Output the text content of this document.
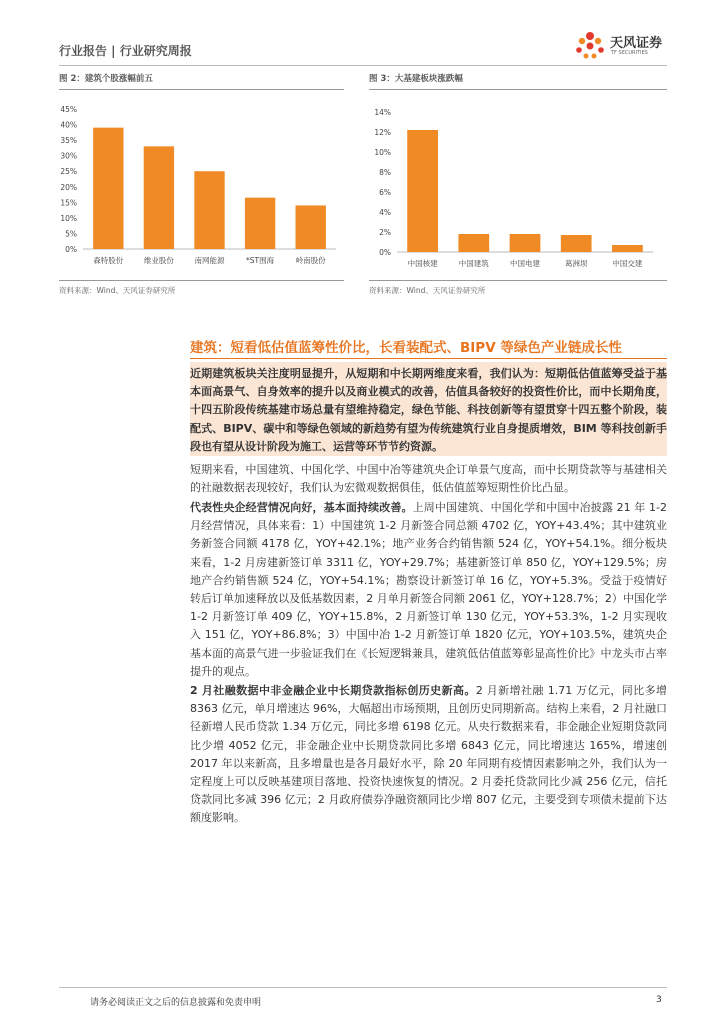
行业报告 | 行业研究周报	天风证券
TF SECURITIES
图 2：建筑个股涨幅前五
0%
5%
10%
15%
20%
25%
30%
35%
40%
45%
森特股份	维业股份	南网能源	*ST围海	岭南股份
资料来源：Wind、天风证券研究所
图 3：大基建板块涨跌幅
0%
2%
4%
6%
8%
10%
12%
14%
中国核建	中国建筑	中国电建	葛洲坝	中国交建
资料来源：Wind、天风证券研究所
建筑：短看低估值蓝筹性价比，长看装配式、BIPV 等绿色产业链成长性

近期建筑板块关注度明显提升，从短期和中长期两维度来看，我们认为：短期低估值蓝筹受益于基本面高景气、自身效率的提升以及商业模式的改善，估值具备较好的投资性价比，而中长期角度，十四五阶段传统基建市场总量有望维持稳定，绿色节能、科技创新等有望贯穿十四五整个阶段，装配式、BIPV、碳中和等绿色领域的新趋势有望为传统建筑行业自身提质增效，BIM 等科技创新手段也有望从设计阶段为施工、运营等环节节约资源。

短期来看，中国建筑、中国化学、中国中冶等建筑央企订单景气度高，而中长期贷款等与基建相关的社融数据表现较好，我们认为宏微观数据俱佳，低估值蓝筹短期性价比凸显。

代表性央企经营情况向好，基本面持续改善。上周中国建筑、中国化学和中国中冶披露 21 年 1-2 月经营情况，具体来看：1）中国建筑 1-2 月新签合同总额 4702 亿，YOY+43.4%；其中建筑业务新签合同额 4178 亿，YOY+42.1%；地产业务合约销售额 524 亿，YOY+54.1%。细分板块来看，1-2 月房建新签订单 3311 亿，YOY+29.7%；基建新签订单 850 亿，YOY+129.5%；房地产合约销售额 524 亿，YOY+54.1%；勘察设计新签订单 16 亿，YOY+5.3%。受益于疫情好转后订单加速释放以及低基数因素，2 月单月新签合同额 2061 亿，YOY+128.7%；2）中国化学 1-2 月新签订单 409 亿，YOY+15.8%，2 月新签订单 130 亿元，YOY+53.3%，1-2 月实现收入 151 亿，YOY+86.8%；3）中国中冶 1-2 月新签订单 1820 亿元，YOY+103.5%，建筑央企基本面的高景气进一步验证我们在《长短逻辑兼具，建筑低估值蓝筹彰显高性价比》中龙头市占率提升的观点。

2 月社融数据中非金融企业中长期贷款指标创历史新高。2 月新增社融 1.71 万亿元，同比多增 8363 亿元，单月增速达 96%，大幅超出市场预期，且创历史同期新高。结构上来看，2 月社融口径新增人民币贷款 1.34 万亿元，同比多增 6198 亿元。从央行数据来看，非金融企业短期贷款同比少增 4052 亿元，非金融企业中长期贷款同比多增 6843 亿元，同比增速达 165%，增速创 2017 年以来新高，且多增量也是各月最好水平，除 20 年同期有疫情因素影响之外，我们认为一定程度上可以反映基建项目落地、投资快速恢复的情况。2 月委托贷款同比少减 256 亿元，信托贷款同比多减 396 亿元；2 月政府债券净融资额同比少增 807 亿元，主要受到专项债未提前下达额度影响。

请务必阅读正文之后的信息披露和免责申明	3
